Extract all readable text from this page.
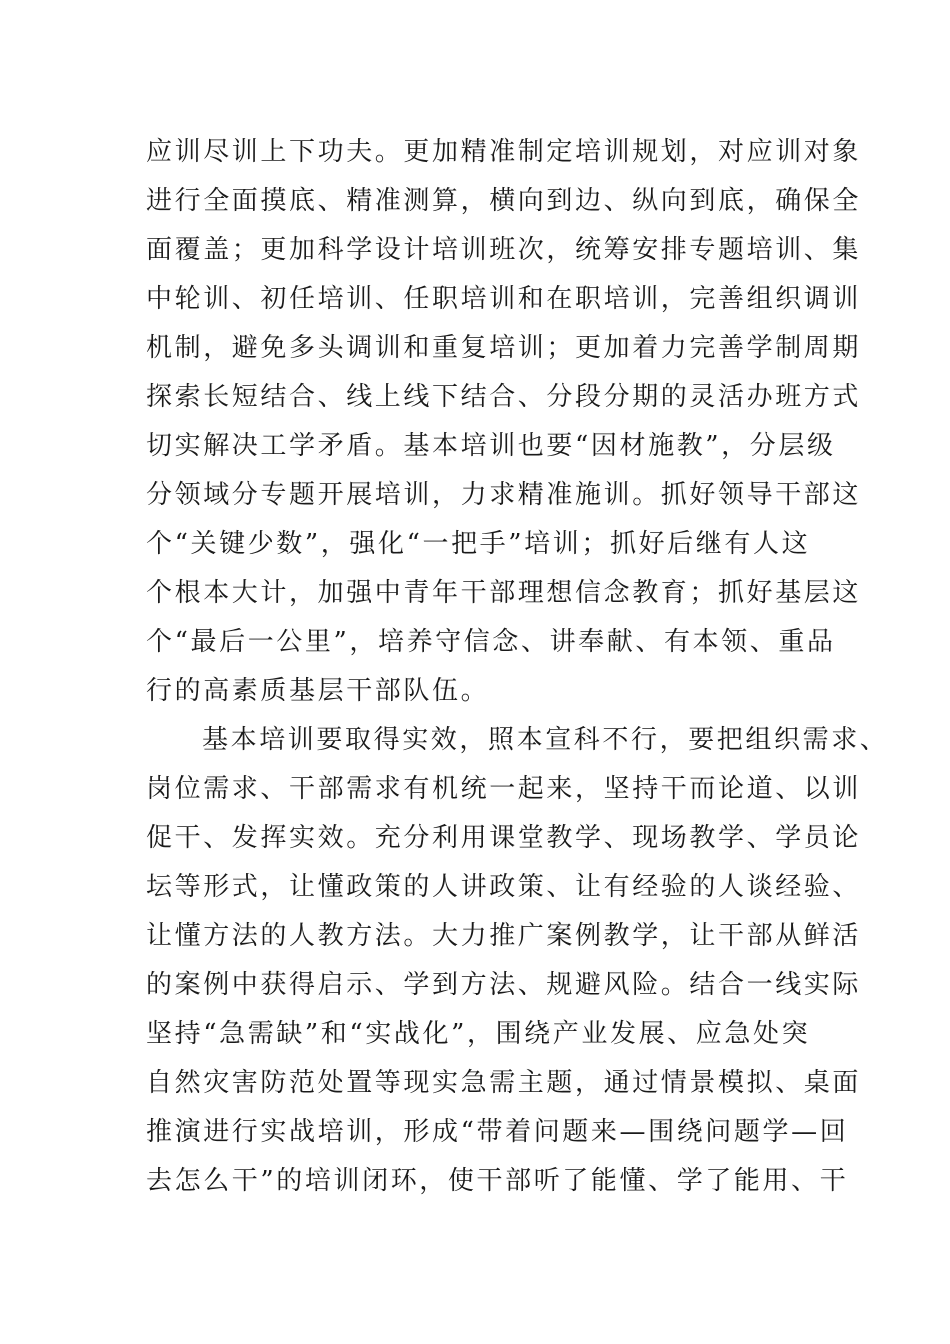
应训尽训上下功夫。更加精准制定培训规划，对应训对象
进行全面摸底、精准测算，横向到边、纵向到底，确保全
面覆盖；更加科学设计培训班次，统筹安排专题培训、集
中轮训、初任培训、任职培训和在职培训，完善组织调训
机制，避免多头调训和重复培训；更加着力完善学制周期
探索长短结合、线上线下结合、分段分期的灵活办班方式
切实解决工学矛盾。基本培训也要“因材施教”，分层级
分领域分专题开展培训，力求精准施训。抓好领导干部这
个“关键少数”，强化“一把手”培训；抓好后继有人这
个根本大计，加强中青年干部理想信念教育；抓好基层这
个“最后一公里”，培养守信念、讲奉献、有本领、重品
行的高素质基层干部队伍。
基本培训要取得实效，照本宣科不行，要把组织需求、
岗位需求、干部需求有机统一起来，坚持干而论道、以训
促干、发挥实效。充分利用课堂教学、现场教学、学员论
坛等形式，让懂政策的人讲政策、让有经验的人谈经验、
让懂方法的人教方法。大力推广案例教学，让干部从鲜活
的案例中获得启示、学到方法、规避风险。结合一线实际
坚持“急需缺”和“实战化”，围绕产业发展、应急处突
自然灾害防范处置等现实急需主题，通过情景模拟、桌面
推演进行实战培训，形成“带着问题来—围绕问题学—回
去怎么干”的培训闭环，使干部听了能懂、学了能用、干
